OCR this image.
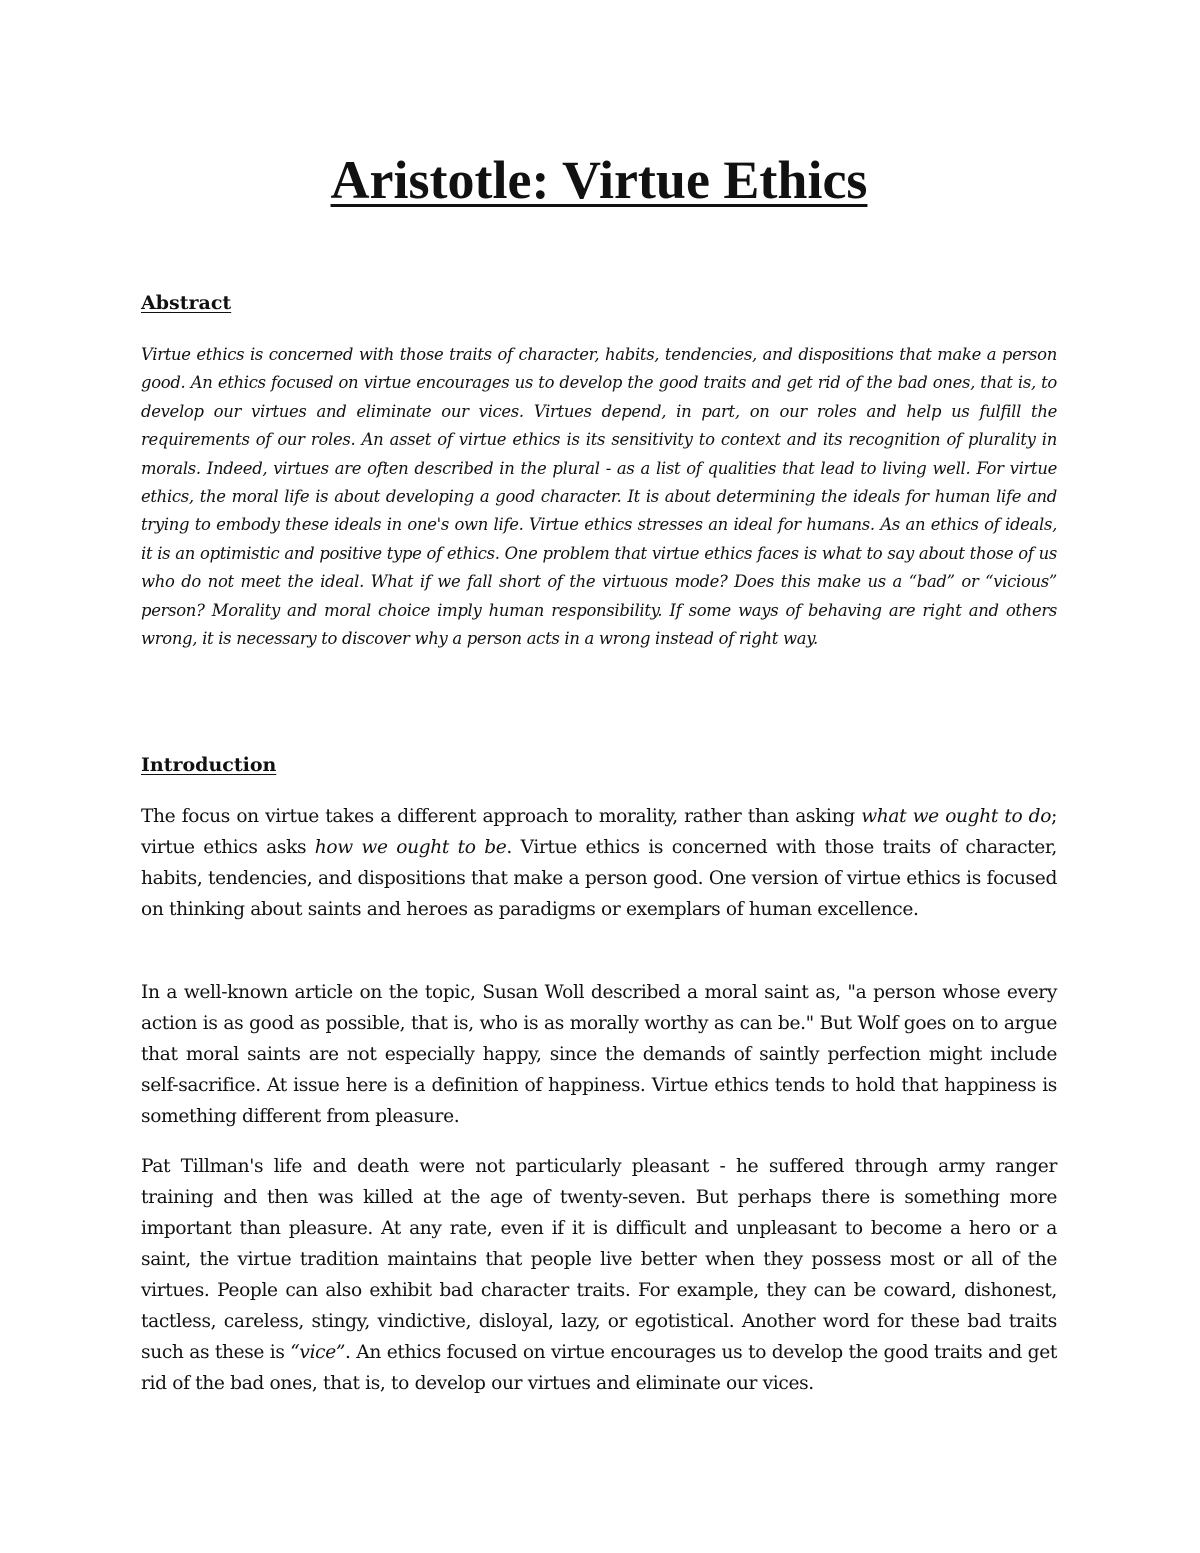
Aristotle: Virtue Ethics
Abstract

Virtue ethics is concerned with those traits of character, habits, tendencies, and dispositions that make a person good. An ethics focused on virtue encourages us to develop the good traits and get rid of the bad ones, that is, to develop our virtues and eliminate our vices. Virtues depend, in part, on our roles and help us fulfill the requirements of our roles. An asset of virtue ethics is its sensitivity to context and its recognition of plurality in morals. Indeed, virtues are often described in the plural - as a list of qualities that lead to living well. For virtue ethics, the moral life is about developing a good character. It is about determining the ideals for human life and trying to embody these ideals in one's own life. Virtue ethics stresses an ideal for humans. As an ethics of ideals, it is an optimistic and positive type of ethics. One problem that virtue ethics faces is what to say about those of us who do not meet the ideal. What if we fall short of the virtuous mode? Does this make us a “bad” or “vicious” person? Morality and moral choice imply human responsibility. If some ways of behaving are right and others wrong, it is necessary to discover why a person acts in a wrong instead of right way.

Introduction

The focus on virtue takes a different approach to morality, rather than asking what we ought to do; virtue ethics asks how we ought to be. Virtue ethics is concerned with those traits of character, habits, tendencies, and dispositions that make a person good. One version of virtue ethics is focused on thinking about saints and heroes as paradigms or exemplars of human excellence.

In a well-known article on the topic, Susan Woll described a moral saint as, "a person whose every action is as good as possible, that is, who is as morally worthy as can be." But Wolf goes on to argue that moral saints are not especially happy, since the demands of saintly perfection might include self-sacrifice. At issue here is a definition of happiness. Virtue ethics tends to hold that happiness is something different from pleasure.

Pat Tillman's life and death were not particularly pleasant - he suffered through army ranger training and then was killed at the age of twenty-seven. But perhaps there is something more important than pleasure. At any rate, even if it is difficult and unpleasant to become a hero or a saint, the virtue tradition maintains that people live better when they possess most or all of the virtues. People can also exhibit bad character traits. For example, they can be coward, dishonest, tactless, careless, stingy, vindictive, disloyal, lazy, or egotistical. Another word for these bad traits such as these is “vice”. An ethics focused on virtue encourages us to develop the good traits and get rid of the bad ones, that is, to develop our virtues and eliminate our vices.
